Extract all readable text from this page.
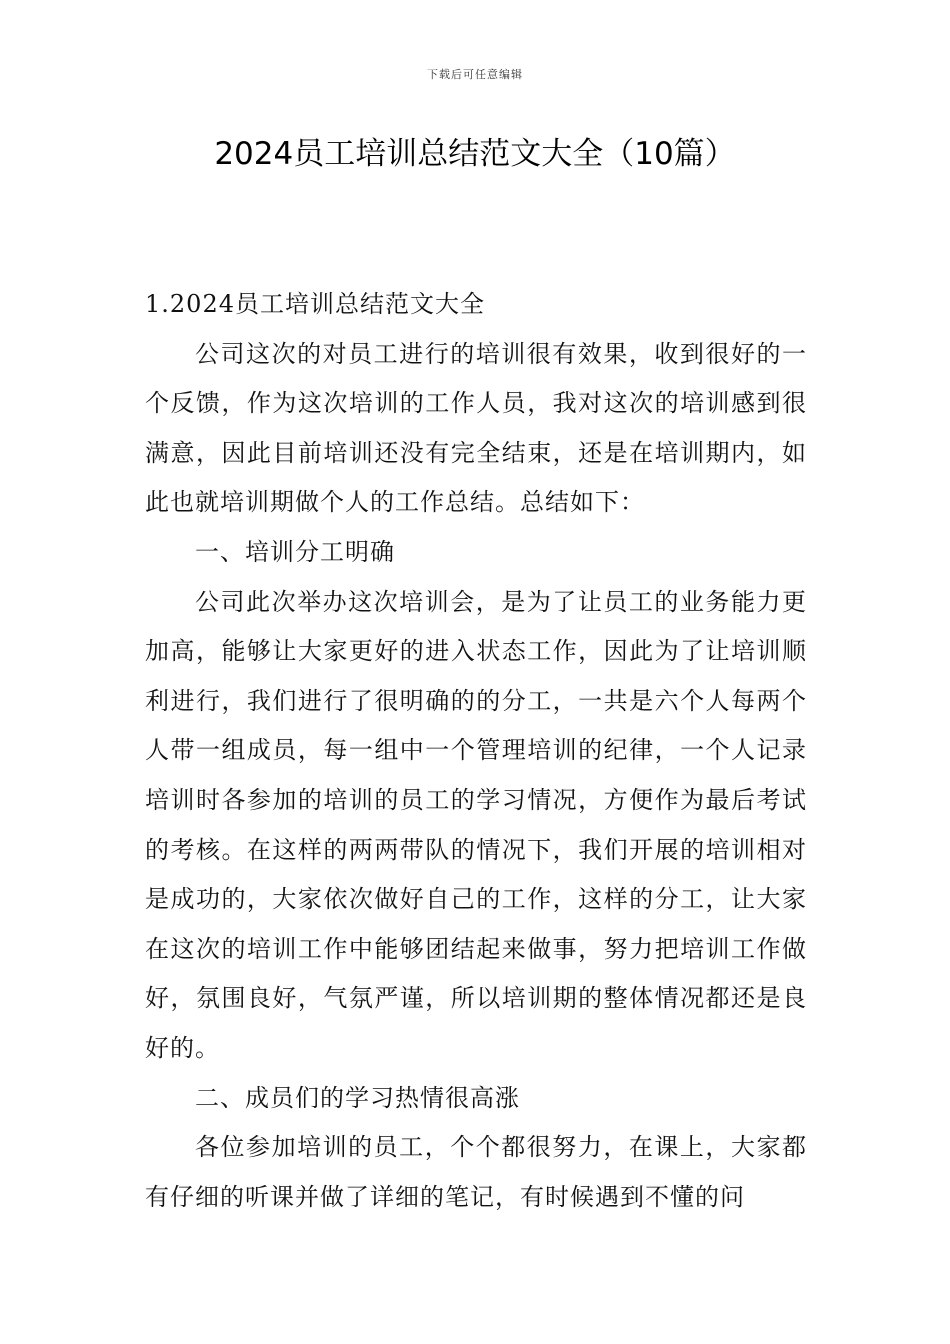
下载后可任意编辑
2024员工培训总结范文大全（10篇）
1.2024员工培训总结范文大全

公司这次的对员工进行的培训很有效果，收到很好的一个反馈，作为这次培训的工作人员，我对这次的培训感到很满意，因此目前培训还没有完全结束，还是在培训期内，如此也就培训期做个人的工作总结。总结如下：

一、培训分工明确

公司此次举办这次培训会，是为了让员工的业务能力更加高，能够让大家更好的进入状态工作，因此为了让培训顺利进行，我们进行了很明确的的分工，一共是六个人每两个人带一组成员，每一组中一个管理培训的纪律，一个人记录培训时各参加的培训的员工的学习情况，方便作为最后考试的考核。在这样的两两带队的情况下，我们开展的培训相对是成功的，大家依次做好自己的工作，这样的分工，让大家在这次的培训工作中能够团结起来做事，努力把培训工作做好，氛围良好，气氛严谨，所以培训期的整体情况都还是良好的。

二、成员们的学习热情很高涨

各位参加培训的员工，个个都很努力，在课上，大家都有仔细的听课并做了详细的笔记，有时候遇到不懂的问
